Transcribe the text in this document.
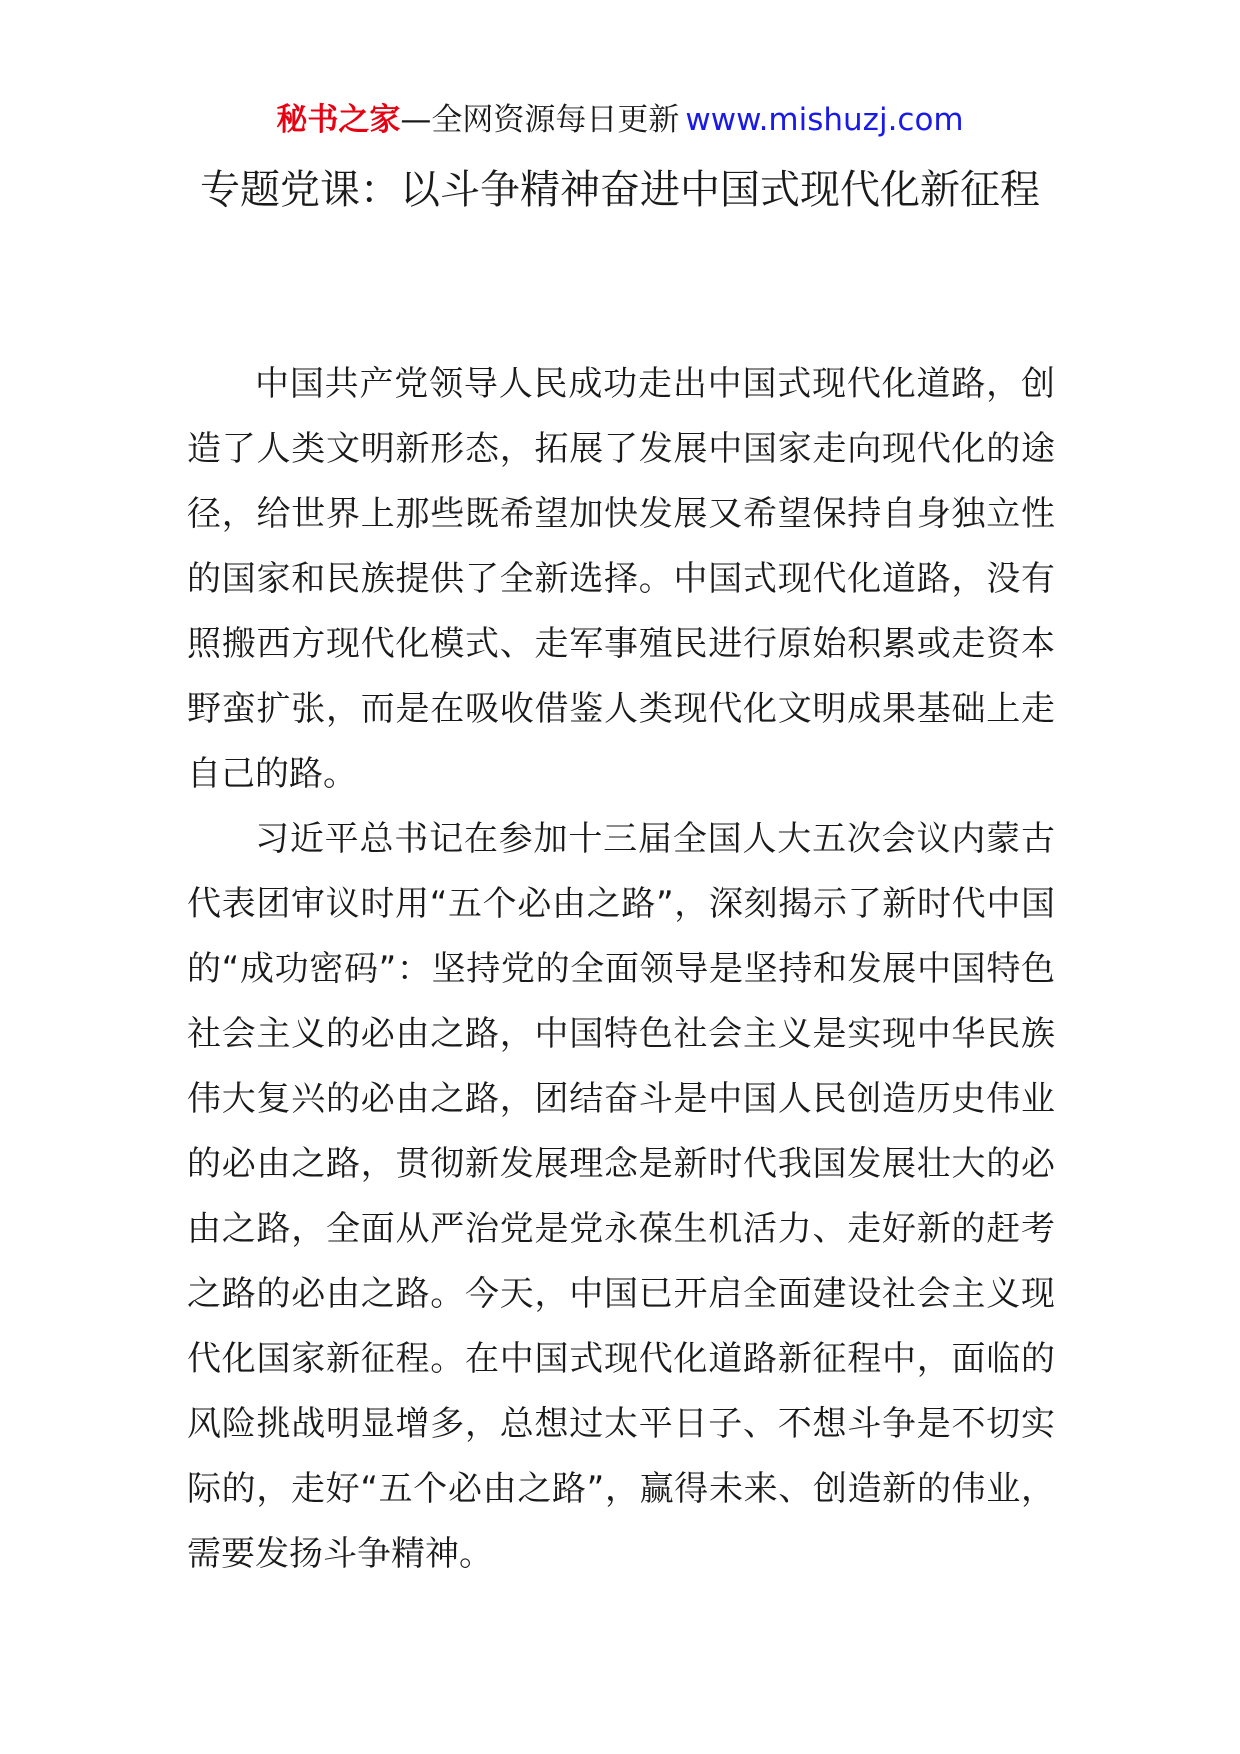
秘书之家—全网资源每日更新 www.mishuzj.com
专题党课：以斗争精神奋进中国式现代化新征程

中国共产党领导人民成功走出中国式现代化道路，创造了人类文明新形态，拓展了发展中国家走向现代化的途径，给世界上那些既希望加快发展又希望保持自身独立性的国家和民族提供了全新选择。中国式现代化道路，没有照搬西方现代化模式、走军事殖民进行原始积累或走资本野蛮扩张，而是在吸收借鉴人类现代化文明成果基础上走自己的路。

习近平总书记在参加十三届全国人大五次会议内蒙古代表团审议时用“五个必由之路”，深刻揭示了新时代中国的“成功密码”：坚持党的全面领导是坚持和发展中国特色社会主义的必由之路，中国特色社会主义是实现中华民族伟大复兴的必由之路，团结奋斗是中国人民创造历史伟业的必由之路，贯彻新发展理念是新时代我国发展壮大的必由之路，全面从严治党是党永葆生机活力、走好新的赶考之路的必由之路。今天，中国已开启全面建设社会主义现代化国家新征程。在中国式现代化道路新征程中，面临的风险挑战明显增多，总想过太平日子、不想斗争是不切实际的，走好“五个必由之路”，赢得未来、创造新的伟业，需要发扬斗争精神。
